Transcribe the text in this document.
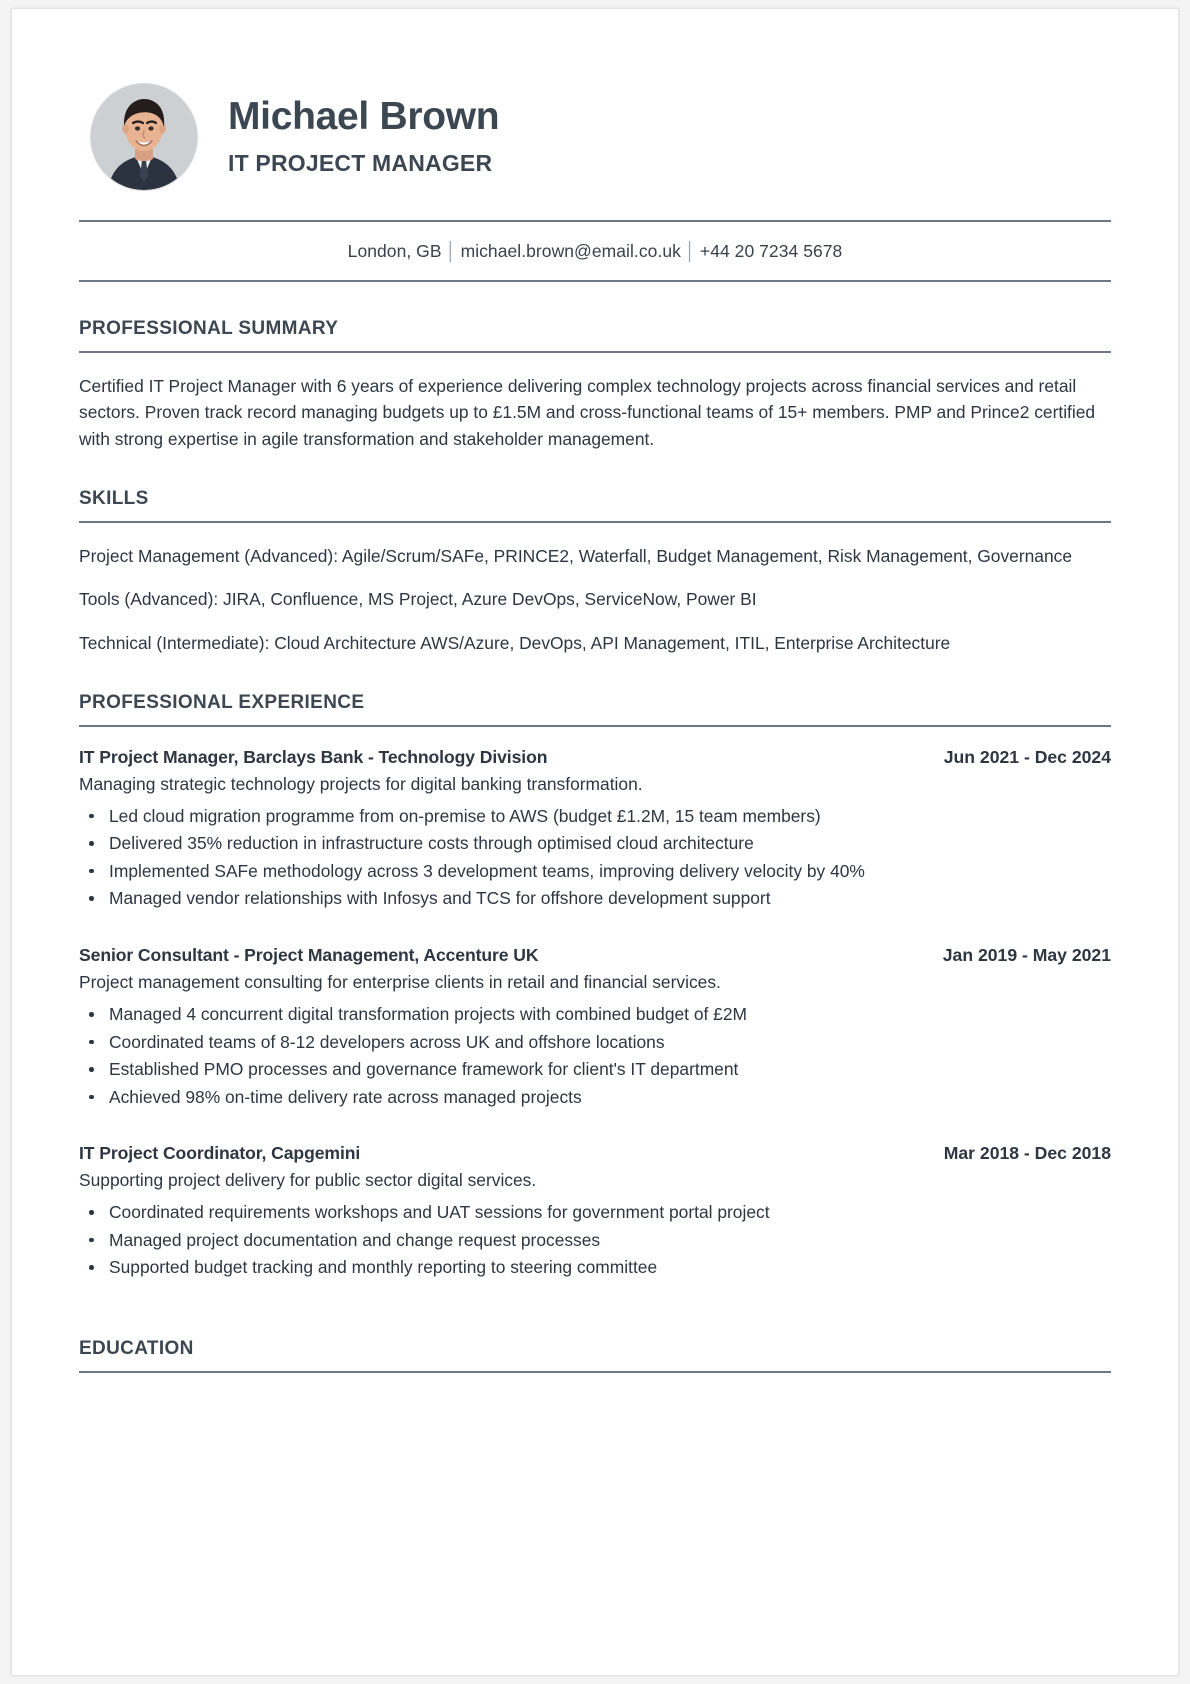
Michael Brown
IT PROJECT MANAGER
London, GB │ michael.brown@email.co.uk │ +44 20 7234 5678
PROFESSIONAL SUMMARY

Certified IT Project Manager with 6 years of experience delivering complex technology projects across financial services and retail sectors. Proven track record managing budgets up to £1.5M and cross-functional teams of 15+ members. PMP and Prince2 certified with strong expertise in agile transformation and stakeholder management.

SKILLS

Project Management (Advanced): Agile/Scrum/SAFe, PRINCE2, Waterfall, Budget Management, Risk Management, Governance

Tools (Advanced): JIRA, Confluence, MS Project, Azure DevOps, ServiceNow, Power BI

Technical (Intermediate): Cloud Architecture AWS/Azure, DevOps, API Management, ITIL, Enterprise Architecture

PROFESSIONAL EXPERIENCE
IT Project Manager, Barclays Bank - Technology Division	Jun 2021 - Dec 2024

Managing strategic technology projects for digital banking transformation.

Led cloud migration programme from on-premise to AWS (budget £1.2M, 15 team members)
Delivered 35% reduction in infrastructure costs through optimised cloud architecture
Implemented SAFe methodology across 3 development teams, improving delivery velocity by 40%
Managed vendor relationships with Infosys and TCS for offshore development support
Senior Consultant - Project Management, Accenture UK	Jan 2019 - May 2021

Project management consulting for enterprise clients in retail and financial services.

Managed 4 concurrent digital transformation projects with combined budget of £2M
Coordinated teams of 8-12 developers across UK and offshore locations
Established PMO processes and governance framework for client's IT department
Achieved 98% on-time delivery rate across managed projects
IT Project Coordinator, Capgemini	Mar 2018 - Dec 2018

Supporting project delivery for public sector digital services.

Coordinated requirements workshops and UAT sessions for government portal project
Managed project documentation and change request processes
Supported budget tracking and monthly reporting to steering committee
EDUCATION
